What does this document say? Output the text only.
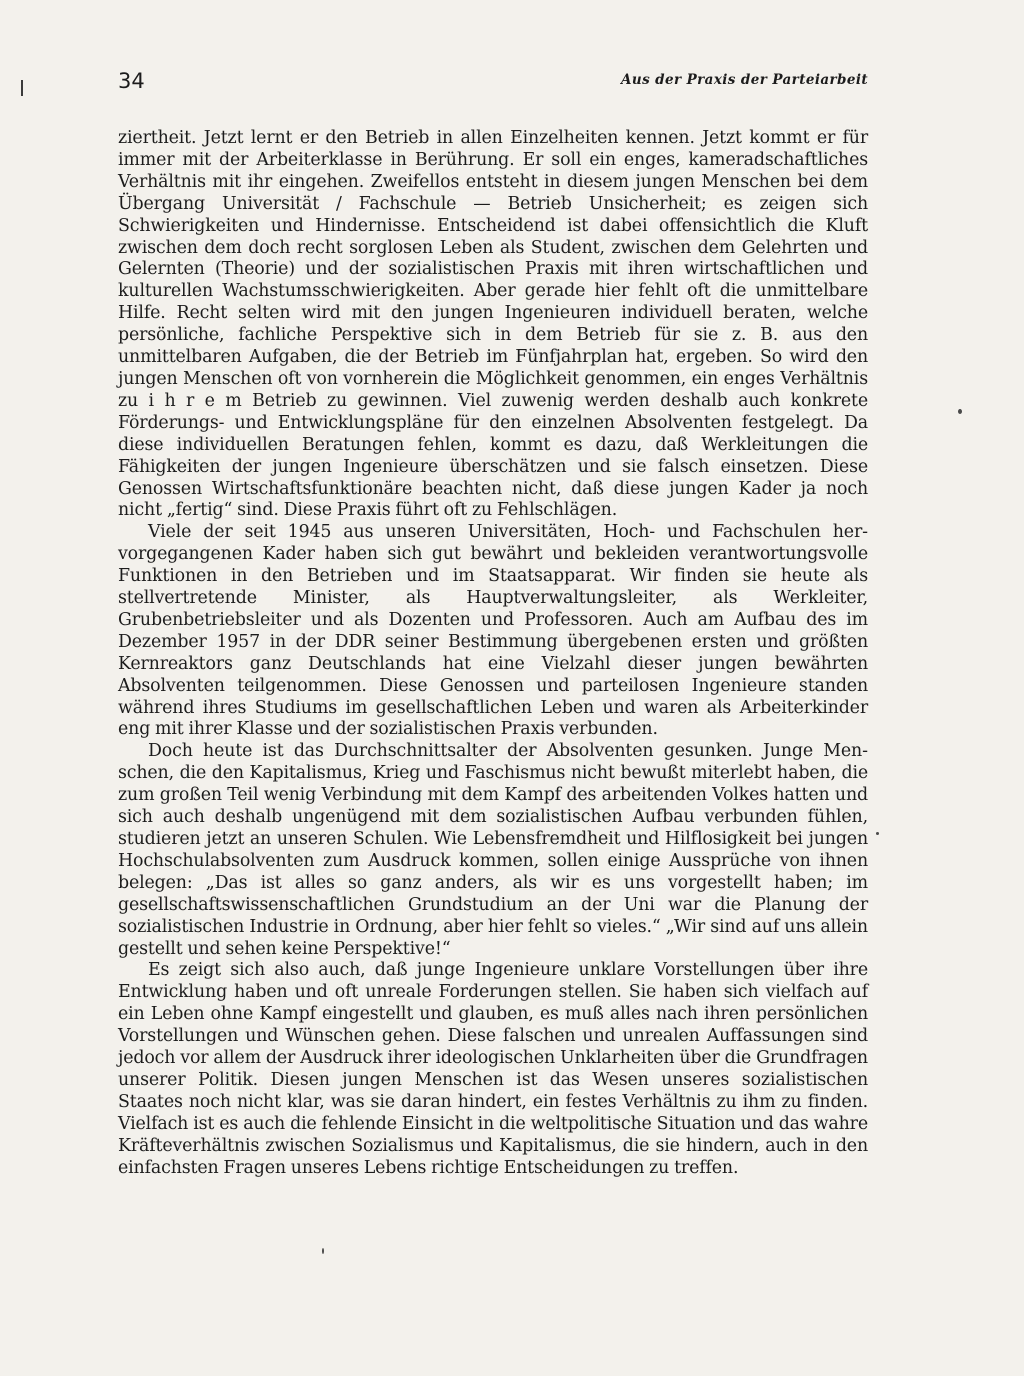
34	Aus der Praxis der Parteiarbeit

ziertheit. Jetzt lernt er den Betrieb in allen Einzelheiten kennen. Jetzt kommt er für immer mit der Arbeiterklasse in Berührung. Er soll ein enges, kameradschaftliches Verhältnis mit ihr eingehen. Zweifellos entsteht in diesem jungen Menschen bei dem Übergang Universität / Fachschule — Betrieb Unsicherheit; es zeigen sich Schwierigkeiten und Hindernisse. Entscheidend ist dabei offensichtlich die Kluft zwischen dem doch recht sorglosen Leben als Student, zwischen dem Gelehrten und Gelernten (Theorie) und der sozialistischen Praxis mit ihren wirtschaftlichen und kulturellen Wachstumsschwierigkeiten. Aber gerade hier fehlt oft die unmittelbare Hilfe. Recht selten wird mit den jungen Ingenieuren individuell beraten, welche persönliche, fachliche Perspektive sich in dem Betrieb für sie z. B. aus den unmittelbaren Aufgaben, die der Betrieb im Fünfjahrplan hat, ergeben. So wird den jungen Menschen oft von vornherein die Möglichkeit genommen, ein enges Verhältnis zu i h r e m Betrieb zu gewinnen. Viel zuwenig werden deshalb auch konkrete Förderungs- und Entwicklungspläne für den einzelnen Absolventen festgelegt. Da diese individuellen Beratungen fehlen, kommt es dazu, daß Werkleitungen die Fähigkeiten der jungen Ingenieure überschätzen und sie falsch einsetzen. Diese Genossen Wirtschaftsfunktionäre beachten nicht, daß diese jungen Kader ja noch nicht „fertig“ sind. Diese Praxis führt oft zu Fehlschlägen.

Viele der seit 1945 aus unseren Universitäten, Hoch- und Fachschulen hervorgegangenen Kader haben sich gut bewährt und bekleiden verantwortungsvolle Funktionen in den Betrieben und im Staatsapparat. Wir finden sie heute als stellvertretende Minister, als Hauptverwaltungsleiter, als Werkleiter, Grubenbetriebsleiter und als Dozenten und Professoren. Auch am Aufbau des im Dezember 1957 in der DDR seiner Bestimmung übergebenen ersten und größten Kernreaktors ganz Deutschlands hat eine Vielzahl dieser jungen bewährten Absolventen teilgenommen. Diese Genossen und parteilosen Ingenieure standen während ihres Studiums im gesellschaftlichen Leben und waren als Arbeiterkinder eng mit ihrer Klasse und der sozialistischen Praxis verbunden.

Doch heute ist das Durchschnittsalter der Absolventen gesunken. Junge Menschen, die den Kapitalismus, Krieg und Faschismus nicht bewußt miterlebt haben, die zum großen Teil wenig Verbindung mit dem Kampf des arbeitenden Volkes hatten und sich auch deshalb ungenügend mit dem sozialistischen Aufbau verbunden fühlen, studieren jetzt an unseren Schulen. Wie Lebensfremdheit und Hilflosigkeit bei jungen Hochschulabsolventen zum Ausdruck kommen, sollen einige Aussprüche von ihnen belegen: „Das ist alles so ganz anders, als wir es uns vorgestellt haben; im gesellschaftswissenschaftlichen Grundstudium an der Uni war die Planung der sozialistischen Industrie in Ordnung, aber hier fehlt so vieles.“ „Wir sind auf uns allein gestellt und sehen keine Perspektive!“

Es zeigt sich also auch, daß junge Ingenieure unklare Vorstellungen über ihre Entwicklung haben und oft unreale Forderungen stellen. Sie haben sich vielfach auf ein Leben ohne Kampf eingestellt und glauben, es muß alles nach ihren persönlichen Vorstellungen und Wünschen gehen. Diese falschen und unrealen Auffassungen sind jedoch vor allem der Ausdruck ihrer ideologischen Unklarheiten über die Grundfragen unserer Politik. Diesen jungen Menschen ist das Wesen unseres sozialistischen Staates noch nicht klar, was sie daran hindert, ein festes Verhältnis zu ihm zu finden. Vielfach ist es auch die fehlende Einsicht in die weltpolitische Situation und das wahre Kräfteverhältnis zwischen Sozialismus und Kapitalismus, die sie hindern, auch in den einfachsten Fragen unseres Lebens richtige Entscheidungen zu treffen.
